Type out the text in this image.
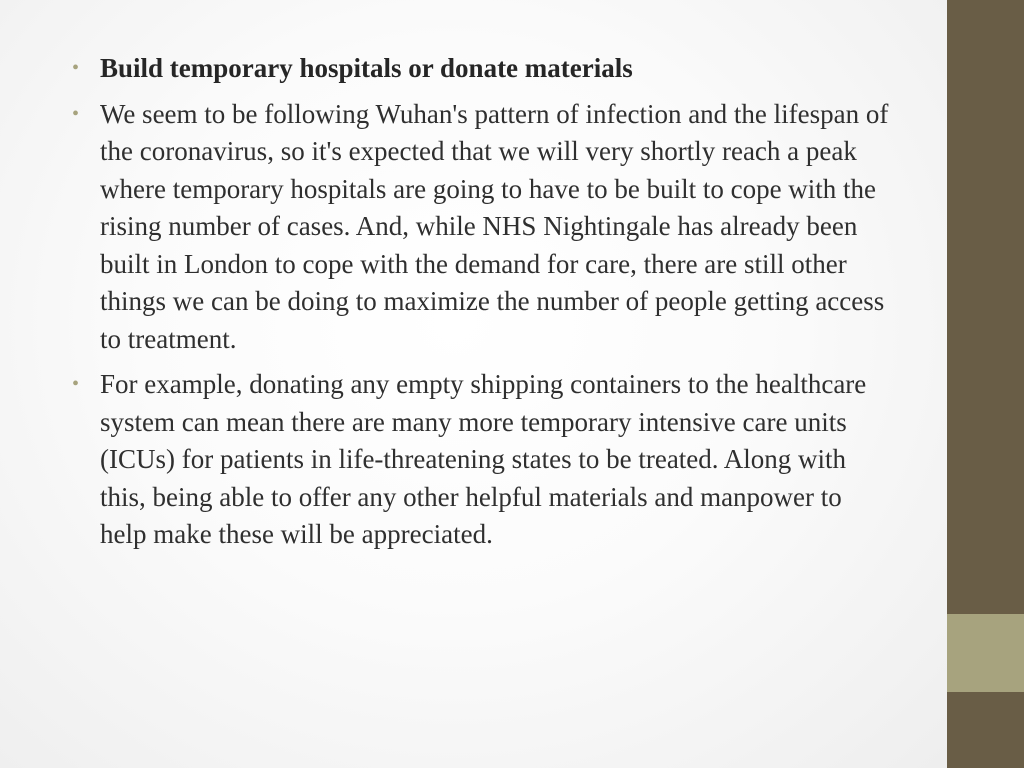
• Build temporary hospitals or donate materials
• We seem to be following Wuhan's pattern of infection and the lifespan of the coronavirus, so it's expected that we will very shortly reach a peak where temporary hospitals are going to have to be built to cope with the rising number of cases. And, while NHS Nightingale has already been built in London to cope with the demand for care, there are still other things we can be doing to maximize the number of people getting access to treatment.
• For example, donating any empty shipping containers to the healthcare system can mean there are many more temporary intensive care units (ICUs) for patients in life-threatening states to be treated. Along with this, being able to offer any other helpful materials and manpower to help make these will be appreciated.
